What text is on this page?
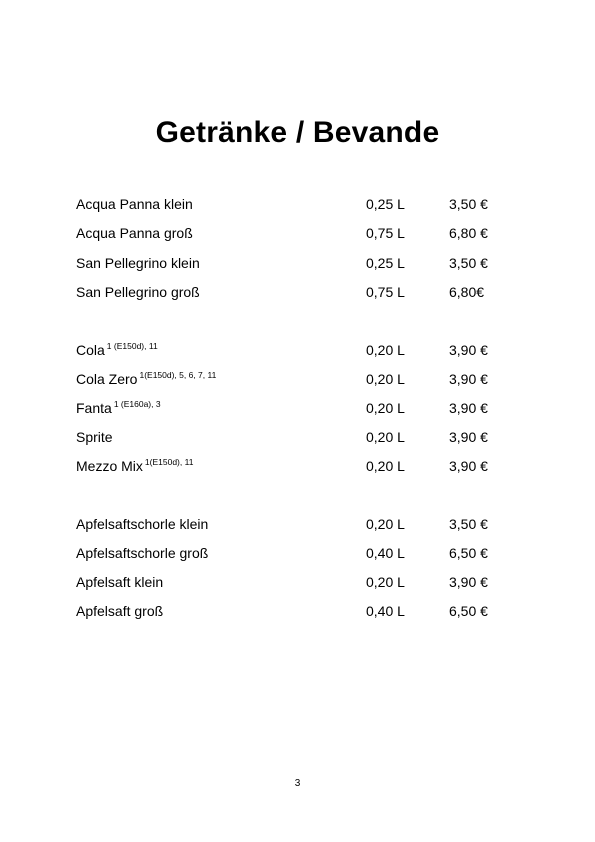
Getränke / Bevande
Acqua Panna klein	0,25 L	3,50 €
Acqua Panna groß	0,75 L	6,80 €
San Pellegrino klein	0,25 L	3,50 €
San Pellegrino groß	0,75 L	6,80€
Cola $^{1 (E150d), 11}$	0,20 L	3,90 €
Cola Zero $^{1(E150d), 5, 6, 7, 11}$	0,20 L	3,90 €
Fanta $^{1 (E160a), 3}$	0,20 L	3,90 €
Sprite	0,20 L	3,90 €
Mezzo Mix $^{1(E150d), 11}$	0,20 L	3,90 €
Apfelsaftschorle klein	0,20 L	3,50 €
Apfelsaftschorle groß	0,40 L	6,50 €
Apfelsaft klein	0,20 L	3,90 €
Apfelsaft groß	0,40 L	6,50 €
3
